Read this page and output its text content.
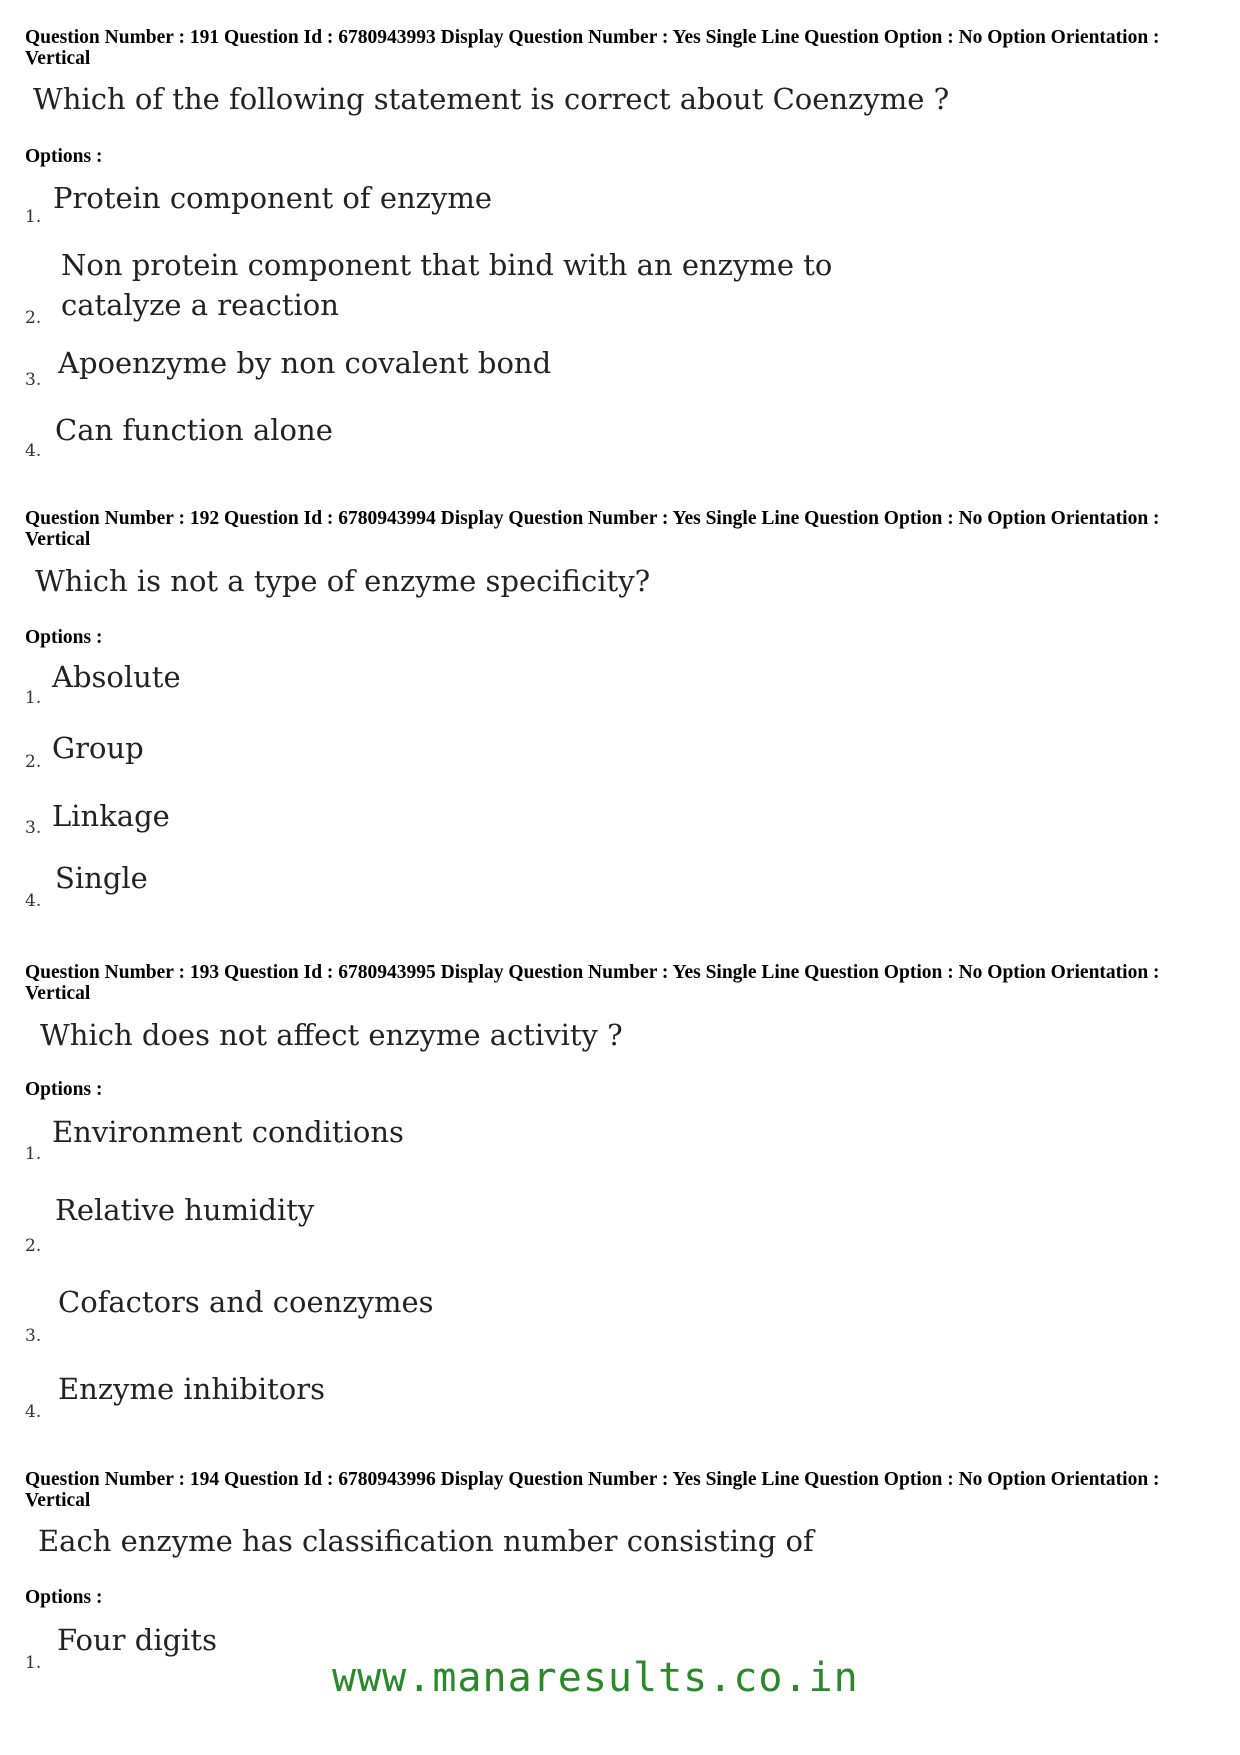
Question Number : 191 Question Id : 6780943993 Display Question Number : Yes Single Line Question Option : No Option Orientation : Vertical
Which of the following statement is correct about Coenzyme ?
Options :
1.
Protein component of enzyme
2.
Non protein component that bind with an enzyme to
catalyze a reaction
3. Apoenzyme by non covalent bond
4.
Can function alone
Question Number : 192 Question Id : 6780943994 Display Question Number : Yes Single Line Question Option : No Option Orientation : Vertical
Which is not a type of enzyme specificity?
Options :
1.
Absolute
2. Group
3. Linkage
4.
Single
Question Number : 193 Question Id : 6780943995 Display Question Number : Yes Single Line Question Option : No Option Orientation : Vertical
Which does not affect enzyme activity ?
Options :
1.
Environment conditions
2.
Relative humidity
3.
Cofactors and coenzymes
4.
Enzyme inhibitors
Question Number : 194 Question Id : 6780943996 Display Question Number : Yes Single Line Question Option : No Option Orientation : Vertical
Each enzyme has classification number consisting of
Options :
1.
Four digits
www.manaresults.co.in
